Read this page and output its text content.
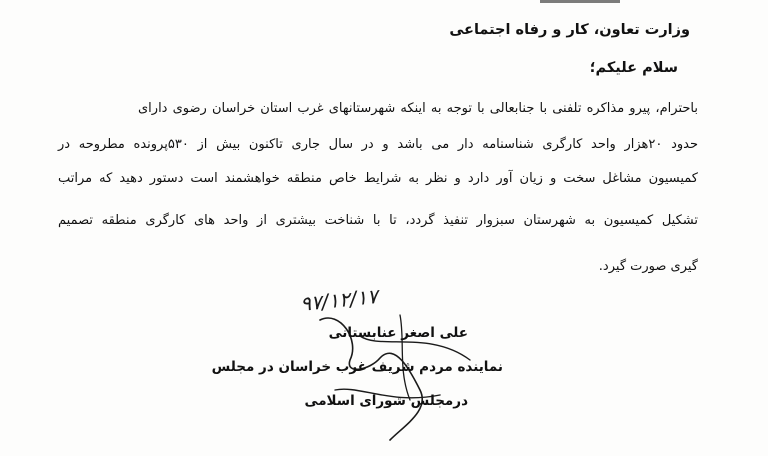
وزارت تعاون، کار و رفاه اجتماعی
سلام علیکم؛
باحترام، پیرو مذاکره تلفنی با جنابعالی با توجه به اینکه شهرستانهای غرب استان خراسان رضوی دارای
حدود ۲۰هزار واحد کارگری شناسنامه دار می باشد و در سال جاری تاکنون بیش از ۵۳۰پرونده مطروحه در
کمیسیون مشاغل سخت و زیان آور دارد و نظر به شرایط خاص منطقه خواهشمند است دستور دهید که مراتب
تشکیل کمیسیون به شهرستان سبزوار تنفیذ گردد، تا با شناخت بیشتری از واحد های کارگری منطقه تصمیم
گیری صورت گیرد.
۹۷/۱۲/۱۷
علی اصغر عنابستانی
نماینده مردم شریف غرب خراسان در مجلس
درمجلس شورای اسلامی
